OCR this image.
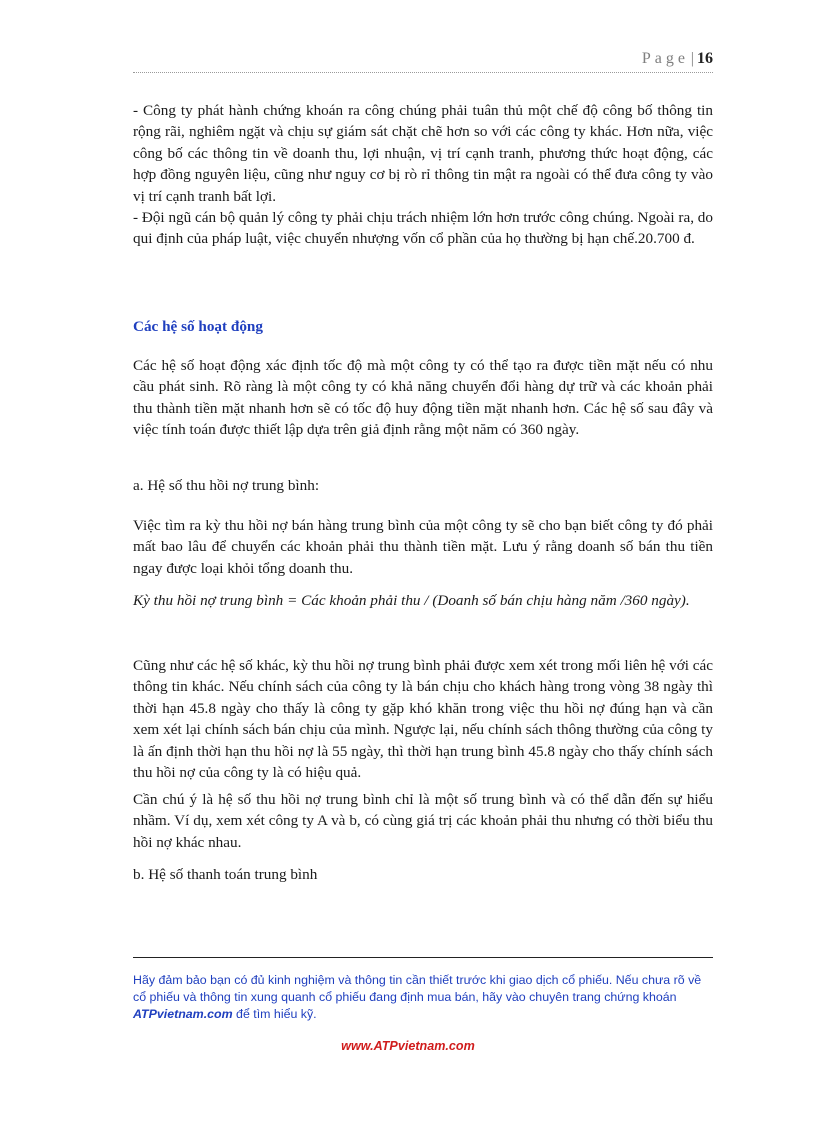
Page | 16

- Công ty phát hành chứng khoán ra công chúng phải tuân thủ một chế độ công bố thông tin rộng rãi, nghiêm ngặt và chịu sự giám sát chặt chẽ hơn so với các công ty khác. Hơn nữa, việc công bố các thông tin về doanh thu, lợi nhuận, vị trí cạnh tranh, phương thức hoạt động, các hợp đồng nguyên liệu, cũng như nguy cơ bị rò rỉ thông tin mật ra ngoài có thể đưa công ty vào vị trí cạnh tranh bất lợi.

- Đội ngũ cán bộ quản lý công ty phải chịu trách nhiệm lớn hơn trước công chúng. Ngoài ra, do qui định của pháp luật, việc chuyển nhượng vốn cổ phần của họ thường bị hạn chế.20.700 đ.

Các hệ số hoạt động

Các hệ số hoạt động xác định tốc độ mà một công ty có thể tạo ra được tiền mặt nếu có nhu cầu phát sinh. Rõ ràng là một công ty có khả năng chuyển đổi hàng dự trữ và các khoản phải thu thành tiền mặt nhanh hơn sẽ có tốc độ huy động tiền mặt nhanh hơn. Các hệ số sau đây và việc tính toán được thiết lập dựa trên giả định rằng một năm có 360 ngày.

a. Hệ số thu hồi nợ trung bình:

Việc tìm ra kỳ thu hồi nợ bán hàng trung bình của một công ty sẽ cho bạn biết công ty đó phải mất bao lâu để chuyển các khoản phải thu thành tiền mặt. Lưu ý rằng doanh số bán thu tiền ngay được loại khỏi tổng doanh thu.

Kỳ thu hồi nợ trung bình = Các khoản phải thu / (Doanh số bán chịu hàng năm /360 ngày).

Cũng như các hệ số khác, kỳ thu hồi nợ trung bình phải được xem xét trong mối liên hệ với các thông tin khác. Nếu chính sách của công ty là bán chịu cho khách hàng trong vòng 38 ngày thì thời hạn 45.8 ngày cho thấy là công ty gặp khó khăn trong việc thu hồi nợ đúng hạn và cần xem xét lại chính sách bán chịu của mình. Ngược lại, nếu chính sách thông thường của công ty là ấn định thời hạn thu hồi nợ là 55 ngày, thì thời hạn trung bình 45.8 ngày cho thấy chính sách thu hồi nợ của công ty là có hiệu quả.

Cần chú ý là hệ số thu hồi nợ trung bình chỉ là một số trung bình và có thể dẫn đến sự hiểu nhầm. Ví dụ, xem xét công ty A và b, có cùng giá trị các khoản phải thu nhưng có thời biểu thu hồi nợ khác nhau.

b. Hệ số thanh toán trung bình

Hãy đảm bảo bạn có đủ kinh nghiệm và thông tin cần thiết trước khi giao dịch cổ phiếu. Nếu chưa rõ về cổ phiếu và thông tin xung quanh cổ phiếu đang định mua bán, hãy vào chuyên trang chứng khoán ATPvietnam.com để tìm hiểu kỹ.
www.ATPvietnam.com
